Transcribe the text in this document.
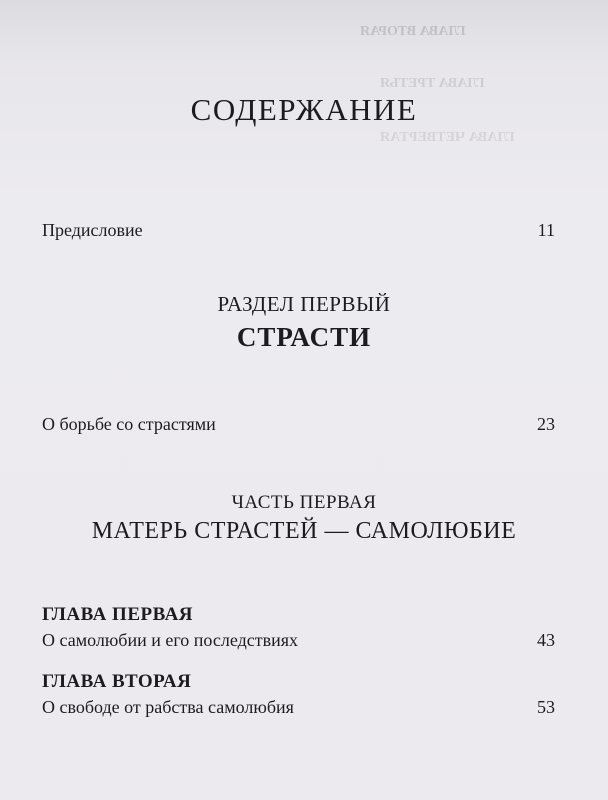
ГЛАВА ВТОРАЯ
ГЛАВА ТРЕТЬЯ
ГЛАВА ЧЕТВЕРТАЯ
СОДЕРЖАНИЕ
Предисловие	11
РАЗДЕЛ ПЕРВЫЙ
СТРАСТИ
О борьбе со страстями	23
ЧАСТЬ ПЕРВАЯ
МАТЕРЬ СТРАСТЕЙ — САМОЛЮБИЕ
ГЛАВА ПЕРВАЯ
О самолюбии и его последствиях	43
ГЛАВА ВТОРАЯ
О свободе от рабства самолюбия	53
